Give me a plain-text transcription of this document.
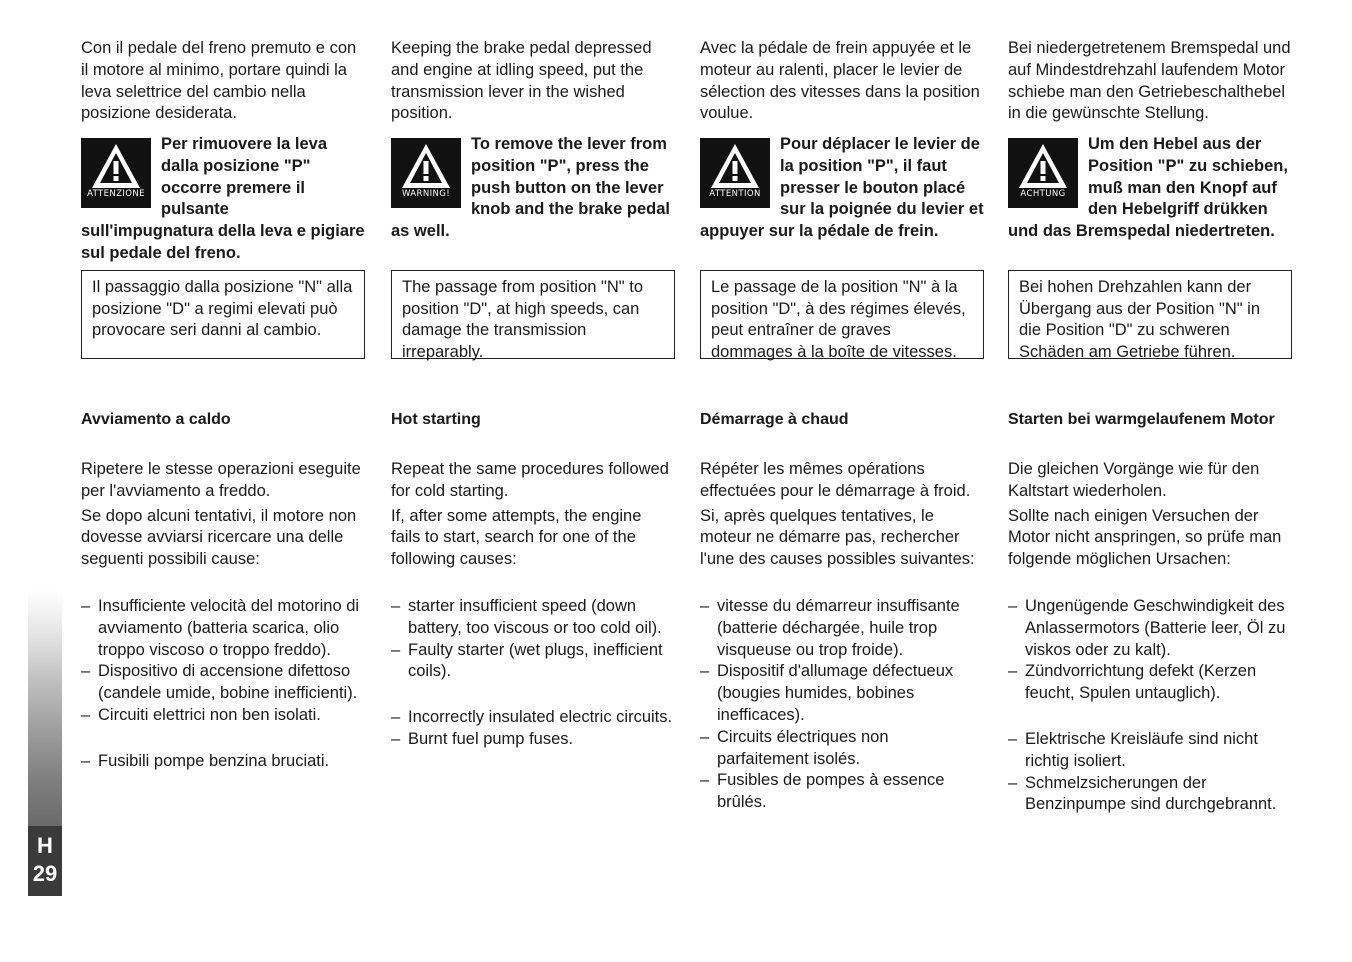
Con il pedale del freno premuto e con il motore al minimo, portare quindi la leva selettrice del cambio nella posizione desiderata.

ATTENZIONE

Per rimuovere la leva dalla posizione "P" occorre premere il pulsante sull'impugnatura della leva e pigiare sul pedale del freno.

Il passaggio dalla posizione "N" alla posizione "D" a regimi elevati può provocare seri danni al cambio.

Avviamento a caldo

Ripetere le stesse operazioni eseguite per l'avviamento a freddo.

Se dopo alcuni tentativi, il motore non dovesse avviarsi ricercare una delle seguenti possibili cause:

– Insufficiente velocità del motorino di avviamento (batteria scarica, olio troppo viscoso o troppo freddo).
– Dispositivo di accensione difettoso (candele umide, bobine inefficienti).
– Circuiti elettrici non ben isolati.
– Fusibili pompe benzina bruciati.

Keeping the brake pedal depressed and engine at idling speed, put the transmission lever in the wished position.

WARNING!

To remove the lever from position "P", press the push button on the lever knob and the brake pedal as well.

The passage from position "N" to position "D", at high speeds, can damage the transmission irreparably.

Hot starting

Repeat the same procedures followed for cold starting.

If, after some attempts, the engine fails to start, search for one of the following causes:

– starter insufficient speed (down battery, too viscous or too cold oil).
– Faulty starter (wet plugs, inefficient coils).
– Incorrectly insulated electric circuits.
– Burnt fuel pump fuses.

Avec la pédale de frein appuyée et le moteur au ralenti, placer le levier de sélection des vitesses dans la position voulue.

ATTENTION

Pour déplacer le levier de la position "P", il faut presser le bouton placé sur la poignée du levier et appuyer sur la pédale de frein.

Le passage de la position "N" à la position "D", à des régimes élevés, peut entraîner de graves dommages à la boîte de vitesses.

Démarrage à chaud

Répéter les mêmes opérations effectuées pour le démarrage à froid.

Si, après quelques tentatives, le moteur ne démarre pas, rechercher l'une des causes possibles suivantes:

– vitesse du démarreur insuffisante (batterie déchargée, huile trop visqueuse ou trop froide).
– Dispositif d'allumage défectueux (bougies humides, bobines inefficaces).
– Circuits électriques non parfaitement isolés.
– Fusibles de pompes à essence brûlés.

Bei niedergetretenem Bremspedal und auf Mindestdrehzahl laufendem Motor schiebe man den Getriebeschalthebel in die gewünschte Stellung.

ACHTUNG

Um den Hebel aus der Position "P" zu schieben, muß man den Knopf auf den Hebelgriff drükken und das Bremspedal niedertreten.

Bei hohen Drehzahlen kann der Übergang aus der Position "N" in die Position "D" zu schweren Schäden am Getriebe führen.

Starten bei warmgelaufenem Motor

Die gleichen Vorgänge wie für den Kaltstart wiederholen.

Sollte nach einigen Versuchen der Motor nicht anspringen, so prüfe man folgende möglichen Ursachen:

– Ungenügende Geschwindigkeit des Anlassermotors (Batterie leer, Öl zu viskos oder zu kalt).
– Zündvorrichtung defekt (Kerzen feucht, Spulen untauglich).
– Elektrische Kreisläufe sind nicht richtig isoliert.
– Schmelzsicherungen der Benzinpumpe sind durchgebrannt.
H
29
